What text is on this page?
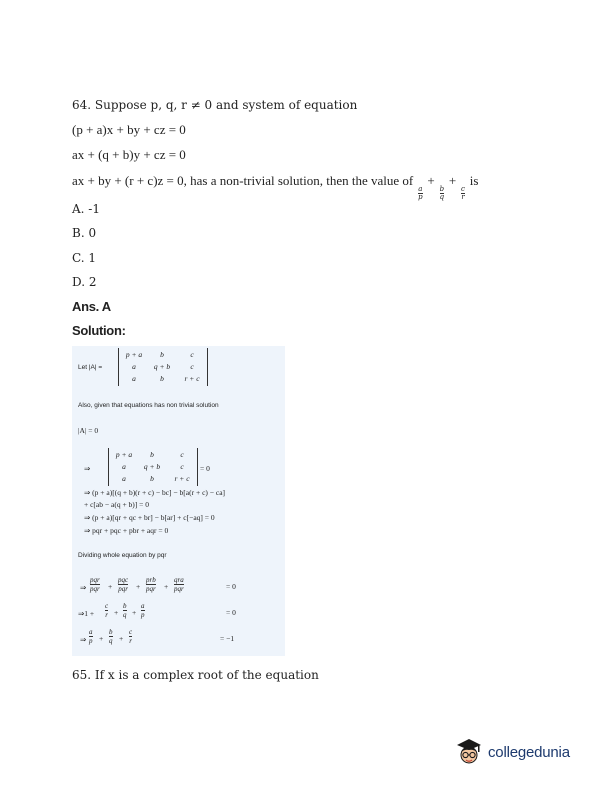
64. Suppose p, q, r ≠ 0 and system of equation
(p + a)x + by + cz = 0
ax + (q + b)y + cz = 0
ax + by + (r + c)z = 0, has a non-trivial solution, then the value of
$\frac{a}{p}$
+
$\frac{b}{q}$
+
$\frac{c}{r}$
is
A. -1
B. 0
C. 1
D. 2
Ans. A
Solution:
Let |A| =
p + a	b	c
a	q + b	c
a	b	r + c
Also, given that equations has non trivial solution
|A| = 0
⇒
p + a	b	c
a	q + b	c
a	b	r + c
= 0
⇒ (p + a)[(q + b)(r + c) − bc] − b[a(r + c) − ca]
+ c[ab − a(q + b)] = 0
⇒ (p + a)[qr + qc + br] − b[ar] + c[−aq] = 0
⇒ pqr + pqc + pbr + aqr = 0
Dividing whole equation by pqr
⇒
pqr
pqr +
pqc
pqr +
prb
pqr +
qra
pqr	= 0
⇒1 +
c
r +
b
q +
a
p	= 0
⇒
a
p +
b
q +
c
r	= −1
65. If x is a complex root of the equation
collegedunia
